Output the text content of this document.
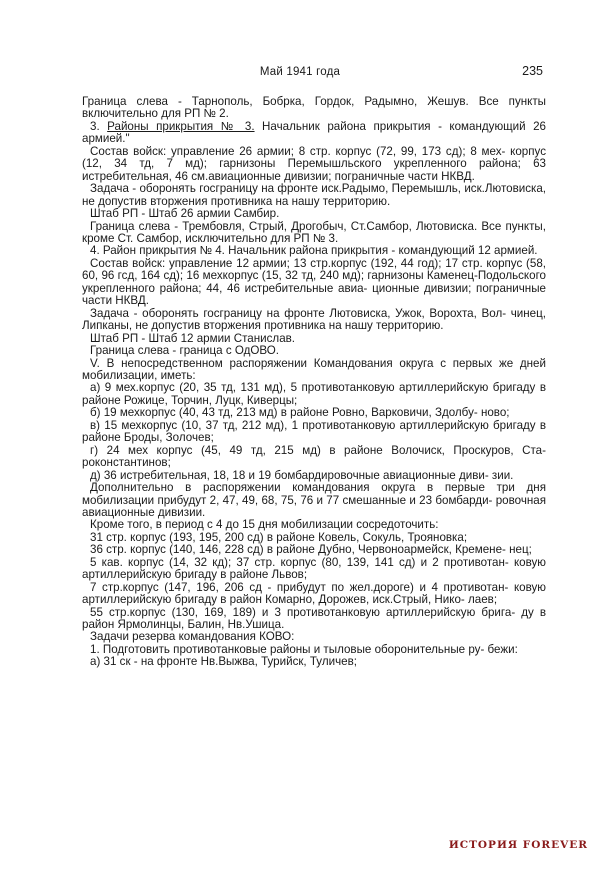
Май 1941 года	235

Граница слева - Тарнополь, Бобрка, Гордок, Радымно, Жешув. Все пункты включительно для РП № 2.

3. Районы прикрытия № 3. Начальник района прикрытия - командующий 26 армией."

Состав войск: управление 26 армии; 8 стр. корпус (72, 99, 173 сд); 8 мех- корпус (12, 34 тд, 7 мд); гарнизоны Перемышльского укрепленного района; 63 истребительная, 46 см.авиационные дивизии; пограничные части НКВД.

Задача - оборонять госграницу на фронте иск.Радымо, Перемышль, иск.Лютовиска, не допустив вторжения противника на нашу территорию.

Штаб РП - Штаб 26 армии Самбир.

Граница слева - Трембовля, Стрый, Дрогобыч, Ст.Самбор, Лютовиска. Все пункты, кроме Ст. Самбор, исключительно для РП № 3.

4. Район прикрытия № 4. Начальник района прикрытия - командующий 12 армией.

Состав войск: управление 12 армии; 13 стр.корпус (192, 44 год); 17 стр. корпус (58, 60, 96 гсд, 164 сд); 16 мехкорпус (15, 32 тд, 240 мд); гарнизоны Каменец-Подольского укрепленного района; 44, 46 истребительные авиа- ционные дивизии; пограничные части НКВД.

Задача - оборонять госграницу на фронте Лютовиска, Ужок, Ворохта, Вол- чинец, Липканы, не допустив вторжения противника на нашу территорию.

Штаб РП - Штаб 12 армии Станислав.

Граница слева - граница с ОдОВО.

V. В непосредственном распоряжении Командования округа с первых же дней мобилизации, иметь:

а) 9 мех.корпус (20, 35 тд, 131 мд), 5 противотанковую артиллерийскую бригаду в районе Рожице, Торчин, Луцк, Киверцы;

б) 19 мехкорпус (40, 43 тд, 213 мд) в районе Ровно, Варковичи, Здолбу- ново;

в) 15 мехкорпус (10, 37 тд, 212 мд), 1 противотанковую артиллерийскую бригаду в районе Броды, Золочев;

г) 24 мех корпус (45, 49 тд, 215 мд) в районе Волочиск, Проскуров, Ста- роконстантинов;

д) 36 истребительная, 18, 18 и 19 бомбардировочные авиационные диви- зии.

Дополнительно в распоряжении командования округа в первые три дня мобилизации прибудут 2, 47, 49, 68, 75, 76 и 77 смешанные и 23 бомбарди- ровочная авиационные дивизии.

Кроме того, в период с 4 до 15 дня мобилизации сосредоточить:

31 стр. корпус (193, 195, 200 сд) в районе Ковель, Сокуль, Трояновка;

36 стр. корпус (140, 146, 228 сд) в районе Дубно, Червоноармейск, Кремене- нец;

5 кав. корпус (14, 32 кд); 37 стр. корпус (80, 139, 141 сд) и 2 противотан- ковую артиллерийскую бригаду в районе Львов;

7 стр.корпус (147, 196, 206 сд - прибудут по жел.дороге) и 4 противотан- ковую артиллерийскую бригаду в район Комарно, Дорожев, иск.Стрый, Нико- лаев;

55 стр.корпус (130, 169, 189) и 3 противотанковую артиллерийскую брига- ду в район Ярмолинцы, Балин, Нв.Ушица.

Задачи резерва командования КОВО:

1. Подготовить противотанковые районы и тыловые оборонительные ру- бежи:

а) 31 ск - на фронте Нв.Выжва, Турийск, Туличев;

ИСТОРИЯ FOREVER
